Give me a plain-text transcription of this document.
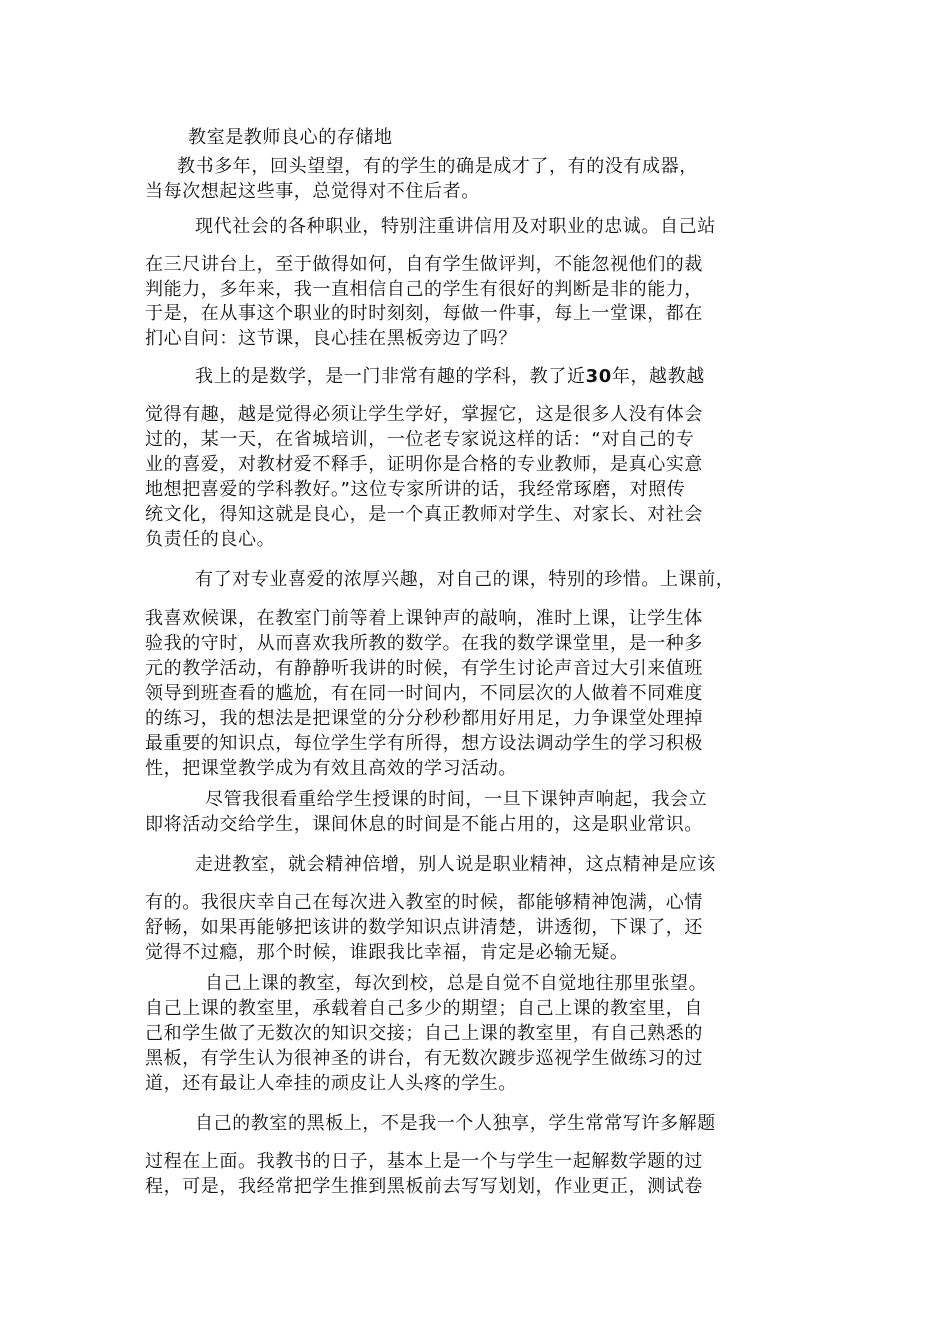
教室是教师良心的存储地
教书多年，回头望望，有的学生的确是成才了，有的没有成器，
当每次想起这些事，总觉得对不住后者。
现代社会的各种职业，特别注重讲信用及对职业的忠诚。自己站
在三尺讲台上，至于做得如何，自有学生做评判，不能忽视他们的裁
判能力，多年来，我一直相信自己的学生有很好的判断是非的能力，
于是，在从事这个职业的时时刻刻，每做一件事，每上一堂课，都在
扪心自问：这节课，良心挂在黑板旁边了吗？
我上的是数学，是一门非常有趣的学科，教了近30年，越教越
觉得有趣，越是觉得必须让学生学好，掌握它，这是很多人没有体会
过的，某一天，在省城培训，一位老专家说这样的话：“对自己的专
业的喜爱，对教材爱不释手，证明你是合格的专业教师，是真心实意
地想把喜爱的学科教好。”这位专家所讲的话，我经常琢磨，对照传
统文化，得知这就是良心，是一个真正教师对学生、对家长、对社会
负责任的良心。
有了对专业喜爱的浓厚兴趣，对自己的课，特别的珍惜。上课前，
我喜欢候课，在教室门前等着上课钟声的敲响，准时上课，让学生体
验我的守时，从而喜欢我所教的数学。在我的数学课堂里，是一种多
元的教学活动，有静静听我讲的时候，有学生讨论声音过大引来值班
领导到班查看的尴尬，有在同一时间内，不同层次的人做着不同难度
的练习，我的想法是把课堂的分分秒秒都用好用足，力争课堂处理掉
最重要的知识点，每位学生学有所得，想方设法调动学生的学习积极
性，把课堂教学成为有效且高效的学习活动。
尽管我很看重给学生授课的时间，一旦下课钟声响起，我会立
即将活动交给学生，课间休息的时间是不能占用的，这是职业常识。
走进教室，就会精神倍增，别人说是职业精神，这点精神是应该
有的。我很庆幸自己在每次进入教室的时候，都能够精神饱满，心情
舒畅，如果再能够把该讲的数学知识点讲清楚，讲透彻，下课了，还
觉得不过瘾，那个时候，谁跟我比幸福，肯定是必输无疑。
自己上课的教室，每次到校，总是自觉不自觉地往那里张望。
自己上课的教室里，承载着自己多少的期望；自己上课的教室里，自
己和学生做了无数次的知识交接；自己上课的教室里，有自己熟悉的
黑板，有学生认为很神圣的讲台，有无数次踱步巡视学生做练习的过
道，还有最让人牵挂的顽皮让人头疼的学生。
自己的教室的黑板上，不是我一个人独享，学生常常写许多解题
过程在上面。我教书的日子，基本上是一个与学生一起解数学题的过
程，可是，我经常把学生推到黑板前去写写划划，作业更正，测试卷
